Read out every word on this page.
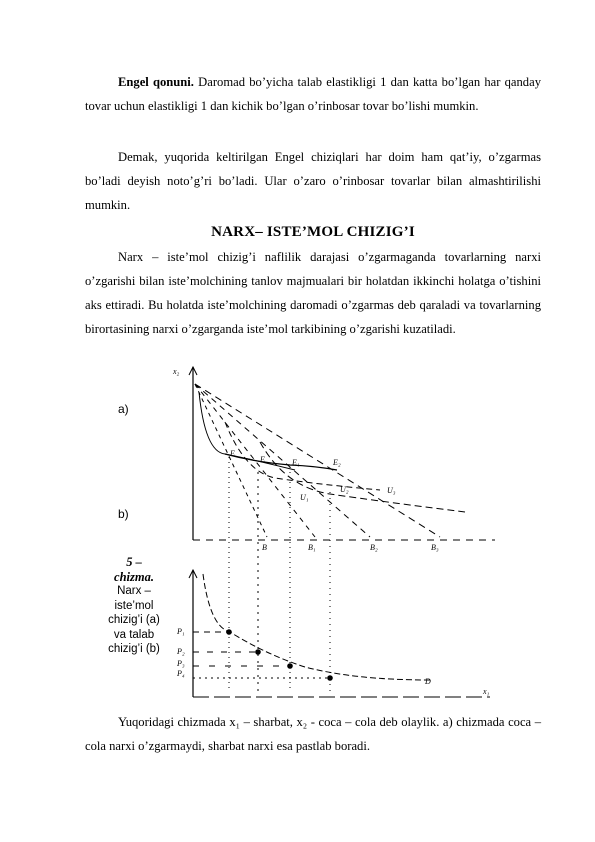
Engel qonuni. Daromad bo’yicha talab elastikligi 1 dan katta bo’lgan har qanday tovar uchun elastikligi 1 dan kichik bo’lgan o’rinbosar tovar bo’lishi mumkin.

Demak, yuqorida keltirilgan Engel chiziqlari har doim ham qat’iy, o’zgarmas bo’ladi deyish noto’g’ri bo’ladi. Ular o’zaro o’rinbosar tovarlar bilan almashtirilishi mumkin.

NARX– ISTE’MOL CHIZIG’I

Narx – iste’mol chizig’i naflilik darajasi o’zgarmaganda tovarlarning narxi o’zgarishi bilan iste’molchining tanlov majmualari bir holatdan ikkinchi holatga o’tishini aks ettiradi. Bu holatda iste’molchining daromadi o’zgarmas deb qaraladi va tovarlarning birortasining narxi o’zgarganda iste’mol tarkibining o’zgarishi kuzatiladi.

a)
b)
5 – chizma.
Narx – iste’mol chizig’i (a) va talab chizig’i (b)
x₂
x₁
E
E	E₁	E₂
U₁
U₂	U₃
B	B₁	B₂	B₃
P₁
P₂
P₃
P₄
D

Yuqoridagi chizmada x₁ – sharbat, x₂ - coca – cola deb olaylik. a) chizmada coca – cola narxi o’zgarmaydi, sharbat narxi esa pastlab boradi.
